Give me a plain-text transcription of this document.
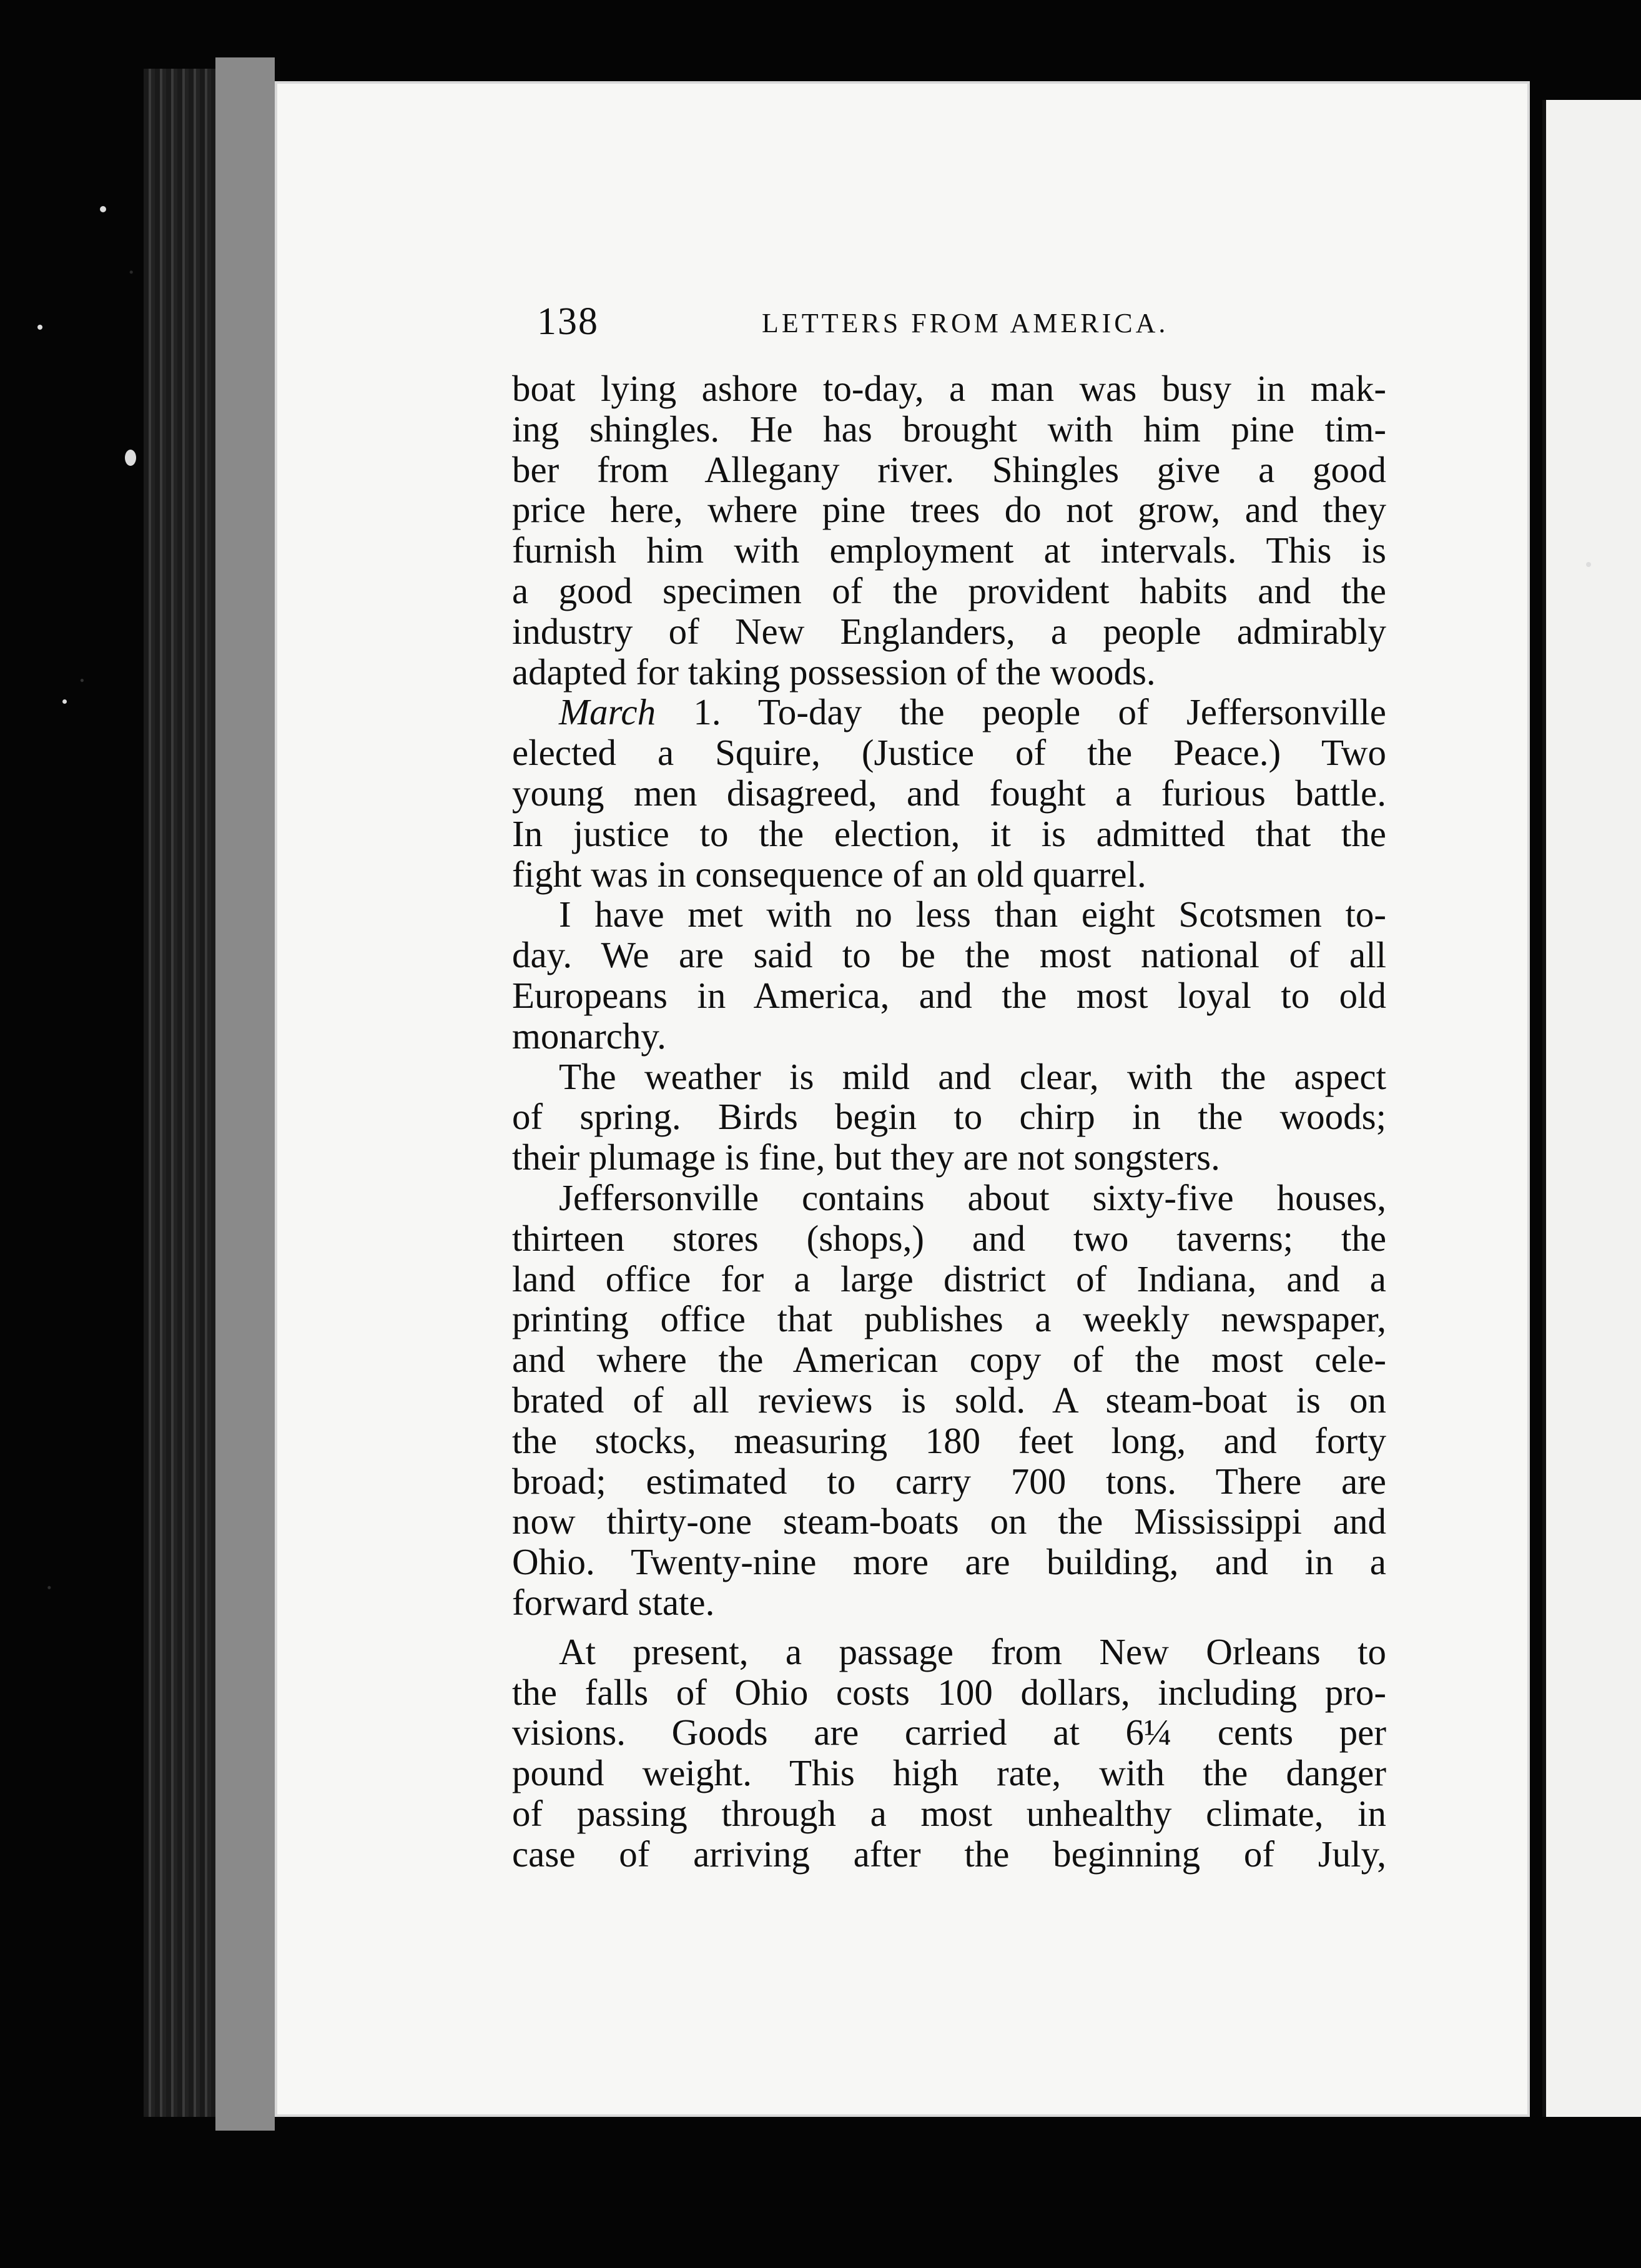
138	LETTERS FROM AMERICA.
boat lying ashore to-day, a man was busy in mak-
ing shingles. He has brought with him pine tim-
ber from Allegany river. Shingles give a good
price here, where pine trees do not grow, and they
furnish him with employment at intervals. This is
a good specimen of the provident habits and the
industry of New Englanders, a people admirably
adapted for taking possession of the woods.
March 1. To-day the people of Jeffersonville
elected a Squire, (Justice of the Peace.) Two
young men disagreed, and fought a furious battle.
In justice to the election, it is admitted that the
fight was in consequence of an old quarrel.
I have met with no less than eight Scotsmen to-
day. We are said to be the most national of all
Europeans in America, and the most loyal to old
monarchy.
The weather is mild and clear, with the aspect
of spring. Birds begin to chirp in the woods;
their plumage is fine, but they are not songsters.
Jeffersonville contains about sixty-five houses,
thirteen stores (shops,) and two taverns; the
land office for a large district of Indiana, and a
printing office that publishes a weekly newspaper,
and where the American copy of the most cele-
brated of all reviews is sold. A steam-boat is on
the stocks, measuring 180 feet long, and forty
broad; estimated to carry 700 tons. There are
now thirty-one steam-boats on the Mississippi and
Ohio. Twenty-nine more are building, and in a
forward state.
At present, a passage from New Orleans to
the falls of Ohio costs 100 dollars, including pro-
visions. Goods are carried at 6¼ cents per
pound weight. This high rate, with the danger
of passing through a most unhealthy climate, in
case of arriving after the beginning of July,
